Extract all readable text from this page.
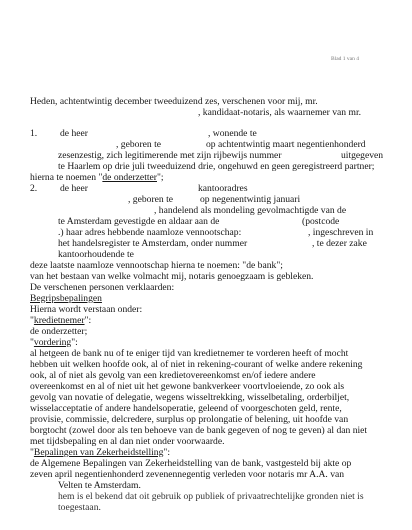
Blad 1 van 4
Heden, achtentwintig december tweeduizend zes, verschenen voor mij, mr.
, kandidaat-notaris, als waarnemer van mr.
1. de heer	, wonende te
, geboren te	op achtentwintig maart negentienhonderd
zesenzestig, zich legitimerende met zijn rijbewijs nummer	uitgegeven
te Haarlem op drie juli tweeduizend drie, ongehuwd en geen geregistreerd partner;
hierna te noemen "de onderzetter";
2. de heer	kantooradres
, geboren te	op negenentwintig januari
, handelend als mondeling gevolmachtigde van de
te Amsterdam gevestigde en aldaar aan de	(postcode
.) haar adres hebbende naamloze vennootschap:	, ingeschreven in
het handelsregister te Amsterdam, onder nummer	, te dezer zake
kantoorhoudende te
deze laatste naamloze vennootschap hierna te noemen: "de bank";
van het bestaan van welke volmacht mij, notaris genoegzaam is gebleken.
De verschenen personen verklaarden:
Begripsbepalingen
Hierna wordt verstaan onder:
"kredietnemer":
de onderzetter;
"vordering":
al hetgeen de bank nu of te eniger tijd van kredietnemer te vorderen heeft of mocht
hebben uit welken hoofde ook, al of niet in rekening-courant of welke andere rekening
ook, al of niet als gevolg van een kredietovereenkomst en/of iedere andere
overeenkomst en al of niet uit het gewone bankverkeer voortvloeiende, zo ook als
gevolg van novatie of delegatie, wegens wisseltrekking, wisselbetaling, orderbiljet,
wisselacceptatie of andere handelsoperatie, geleend of voorgeschoten geld, rente,
provisie, commissie, delcredere, surplus op prolongatie of belening, uit hoofde van
borgtocht (zowel door als ten behoeve van de bank gegeven of nog te geven) al dan niet
met tijdsbepaling en al dan niet onder voorwaarde.
"Bepalingen van Zekerheidstelling":
de Algemene Bepalingen van Zekerheidstelling van de bank, vastgesteld bij akte op
zeven april negentienhonderd zevenennegentig verleden voor notaris mr A.A. van
Velten te Amsterdam.
hem is el bekend dat oit gebruik op publiek of privaatrechtelijke gronden niet is
toegestaan.
